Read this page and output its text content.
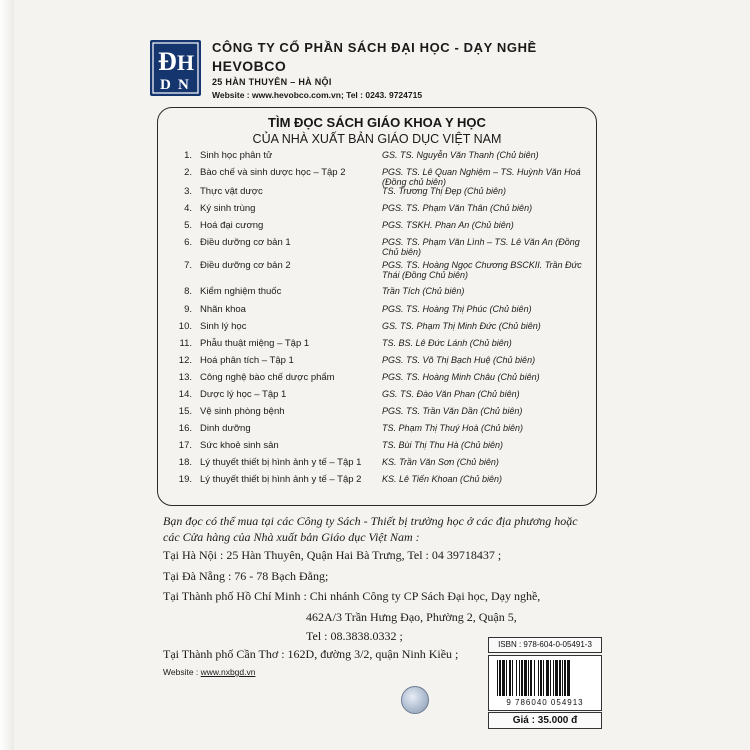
Đ H
D N
CÔNG TY CỔ PHẦN SÁCH ĐẠI HỌC - DẠY NGHỀ
HEVOBCO
25 HÀN THUYÊN – HÀ NỘI
Website : www.hevobco.com.vn; Tel : 0243. 9724715
TÌM ĐỌC SÁCH GIÁO KHOA Y HỌC
CỦA NHÀ XUẤT BẢN GIÁO DỤC VIỆT NAM
1. Sinh học phân tử	GS. TS. Nguyễn Văn Thanh (Chủ biên)
2. Bào chế và sinh dược học – Tập 2	PGS. TS. Lê Quan Nghiệm – TS. Huỳnh Văn Hoá (Đồng chủ biên)
3. Thực vật dược	TS. Trương Thị Đẹp (Chủ biên)
4. Ký sinh trùng	PGS. TS. Phạm Văn Thân (Chủ biên)
5. Hoá đại cương	PGS. TSKH. Phan An (Chủ biên)
6. Điều dưỡng cơ bản 1	PGS. TS. Phạm Văn Lình – TS. Lê Văn An (Đồng Chủ biên)
7. Điều dưỡng cơ bản 2	PGS. TS. Hoàng Ngọc Chương BSCKII. Trần Đức Thái (Đồng Chủ biên)
8. Kiểm nghiệm thuốc	Trần Tích (Chủ biên)
9. Nhãn khoa	PGS. TS. Hoàng Thị Phúc (Chủ biên)
10. Sinh lý học	GS. TS. Phạm Thị Minh Đức (Chủ biên)
11. Phẫu thuật miệng – Tập 1	TS. BS. Lê Đức Lánh (Chủ biên)
12. Hoá phân tích – Tập 1	PGS. TS. Võ Thị Bạch Huệ (Chủ biên)
13. Công nghệ bào chế dược phẩm	PGS. TS. Hoàng Minh Châu (Chủ biên)
14. Dược lý học – Tập 1	GS. TS. Đào Văn Phan (Chủ biên)
15. Vệ sinh phòng bệnh	PGS. TS. Trần Văn Dần (Chủ biên)
16. Dinh dưỡng	TS. Phạm Thị Thuý Hoà (Chủ biên)
17. Sức khoẻ sinh sản	TS. Bùi Thị Thu Hà (Chủ biên)
18. Lý thuyết thiết bị hình ảnh y tế – Tập 1	KS. Trần Văn Sơn (Chủ biên)
19. Lý thuyết thiết bị hình ảnh y tế – Tập 2	KS. Lê Tiến Khoan (Chủ biên)
Bạn đọc có thể mua tại các Công ty Sách - Thiết bị trường học ở các địa phương hoặc
các Cửa hàng của Nhà xuất bản Giáo dục Việt Nam :
Tại Hà Nội : 25 Hàn Thuyên, Quận Hai Bà Trưng, Tel : 04 39718437 ;
Tại Đà Nẵng : 76 - 78 Bạch Đằng;
Tại Thành phố Hồ Chí Minh : Chi nhánh Công ty CP Sách Đại học, Dạy nghề,
462A/3 Trần Hưng Đạo, Phường 2, Quận 5,
Tel : 08.3838.0332 ;
Tại Thành phố Cần Thơ : 162D, đường 3/2, quận Ninh Kiều ;
Website : www.nxbgd.vn
ISBN : 978-604-0-05491-3
9 786040 054913
Giá : 35.000 đ
